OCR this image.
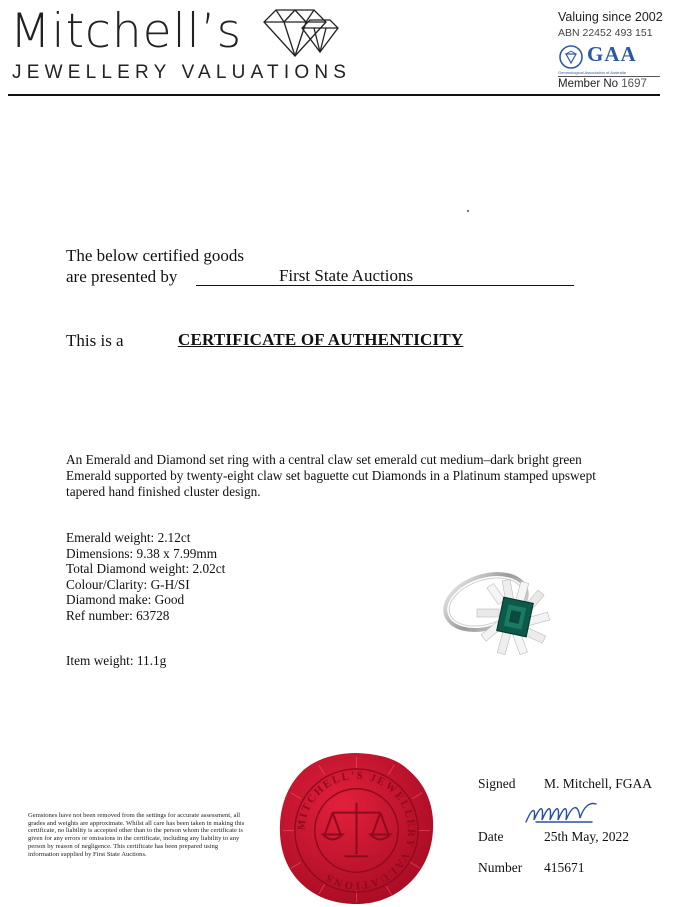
Mitchell’s
JEWELLERY VALUATIONS
Valuing since 2002
ABN 22452 493 151
GAA
Gemmological Association of Australia
Member No 1697
The below certified goods
are presented by	First State Auctions
This is a	CERTIFICATE OF AUTHENTICITY
An Emerald and Diamond set ring with a central claw set emerald cut medium–dark bright green Emerald supported by twenty-eight claw set baguette cut Diamonds in a Platinum stamped upswept tapered hand finished cluster design.
Emerald weight: 2.12ct
Dimensions: 9.38 x 7.99mm
Total Diamond weight: 2.02ct
Colour/Clarity: G-H/SI
Diamond make: Good
Ref number: 63728
Item weight: 11.1g
MITCHELL'S JEWELLERY VALUATIONS
Gemstones have not been removed from the settings for accurate assessment, all grades and weights are approximate. Whilst all care has been taken in making this certificate, no liability is accepted other than to the person whom the certificate is given for any errors or omissions in the certificate, including any liability to any person by reason of negligence. This certificate has been prepared using information supplied by First State Auctions.
Signed M. Mitchell, FGAA
Date	25th May, 2022
Number 415671
